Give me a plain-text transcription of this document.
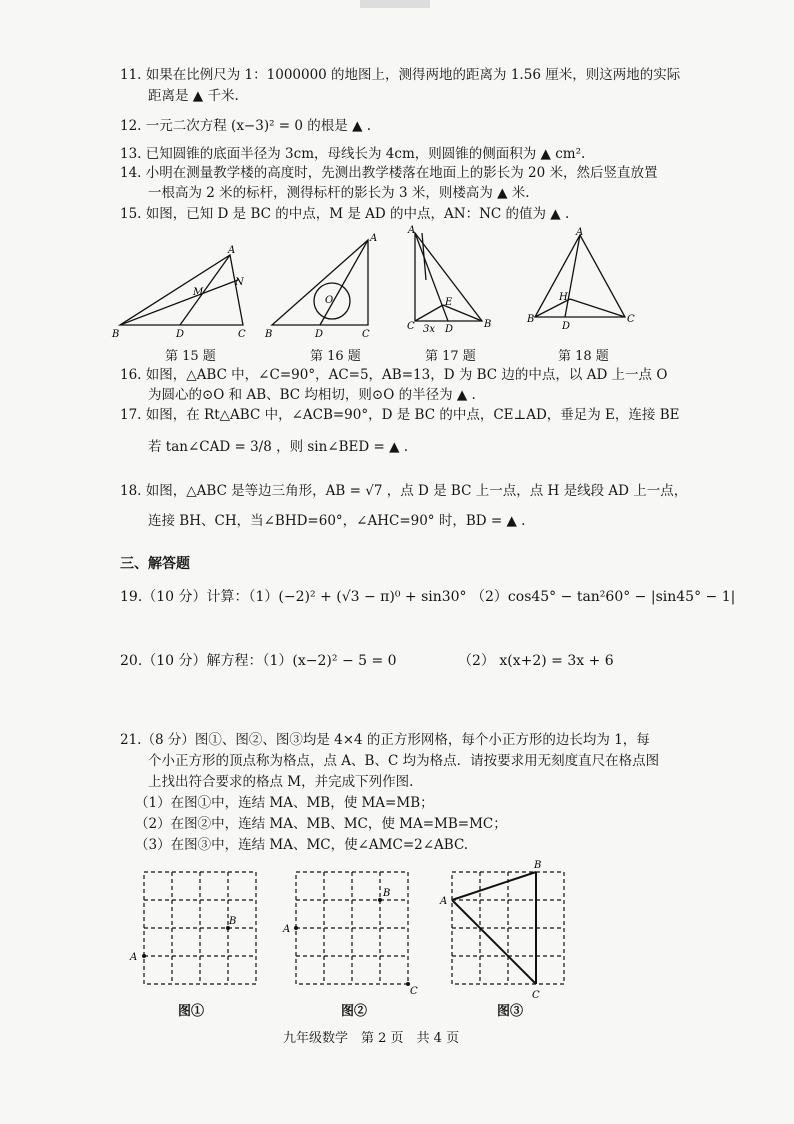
11. 如果在比例尺为 1：1000000 的地图上，测得两地的距离为 1.56 厘米，则这两地的实际
距离是 ▲ 千米.
12. 一元二次方程 (x−3)² = 0 的根是 ▲ .
13. 已知圆锥的底面半径为 3cm，母线长为 4cm，则圆锥的侧面积为 ▲ cm².
14. 小明在测量教学楼的高度时，先测出教学楼落在地面上的影长为 20 米，然后竖直放置
一根高为 2 米的标杆，测得标杆的影长为 3 米，则楼高为 ▲ 米.
15. 如图，已知 D 是 BC 的中点，M 是 AD 的中点，AN：NC 的值为 ▲ .
B
A
C
D
M
N
B
A
C
D
O
A
C	B
D
E
3x
B
A
C
D
H
第 15 题	第 16 题	第 17 题	第 18 题
16. 如图，△ABC 中，∠C=90°，AC=5，AB=13，D 为 BC 边的中点，以 AD 上一点 O
为圆心的⊙O 和 AB、BC 均相切，则⊙O 的半径为 ▲ .
17. 如图，在 Rt△ABC 中，∠ACB=90°，D 是 BC 的中点，CE⊥AD，垂足为 E，连接 BE
若 tan∠CAD = 3/8 ，则 sin∠BED = ▲ .
18. 如图，△ABC 是等边三角形，AB = √7 ，点 D 是 BC 上一点，点 H 是线段 AD 上一点，
连接 BH、CH，当∠BHD=60°，∠AHC=90° 时，BD = ▲ .
三、解答题
19.（10 分）计算：（1）(−2)² + (√3 − π)⁰ + sin30° （2）cos45° − tan²60° − |sin45° − 1|
20.（10 分）解方程：（1）(x−2)² − 5 = 0	（2） x(x+2) = 3x + 6
21.（8 分）图①、图②、图③均是 4×4 的正方形网格，每个小正方形的边长均为 1，每
个小正方形的顶点称为格点，点 A、B、C 均为格点．请按要求用无刻度直尺在格点图
上找出符合要求的格点 M，并完成下列作图.
（1）在图①中，连结 MA、MB，使 MA=MB；
（2）在图②中，连结 MA、MB、MC，使 MA=MB=MC；
（3）在图③中，连结 MA、MC，使∠AMC=2∠ABC.
A
B
A
B
C
A
B
C
图①	图②	图③
九年级数学　第 2 页　共 4 页
